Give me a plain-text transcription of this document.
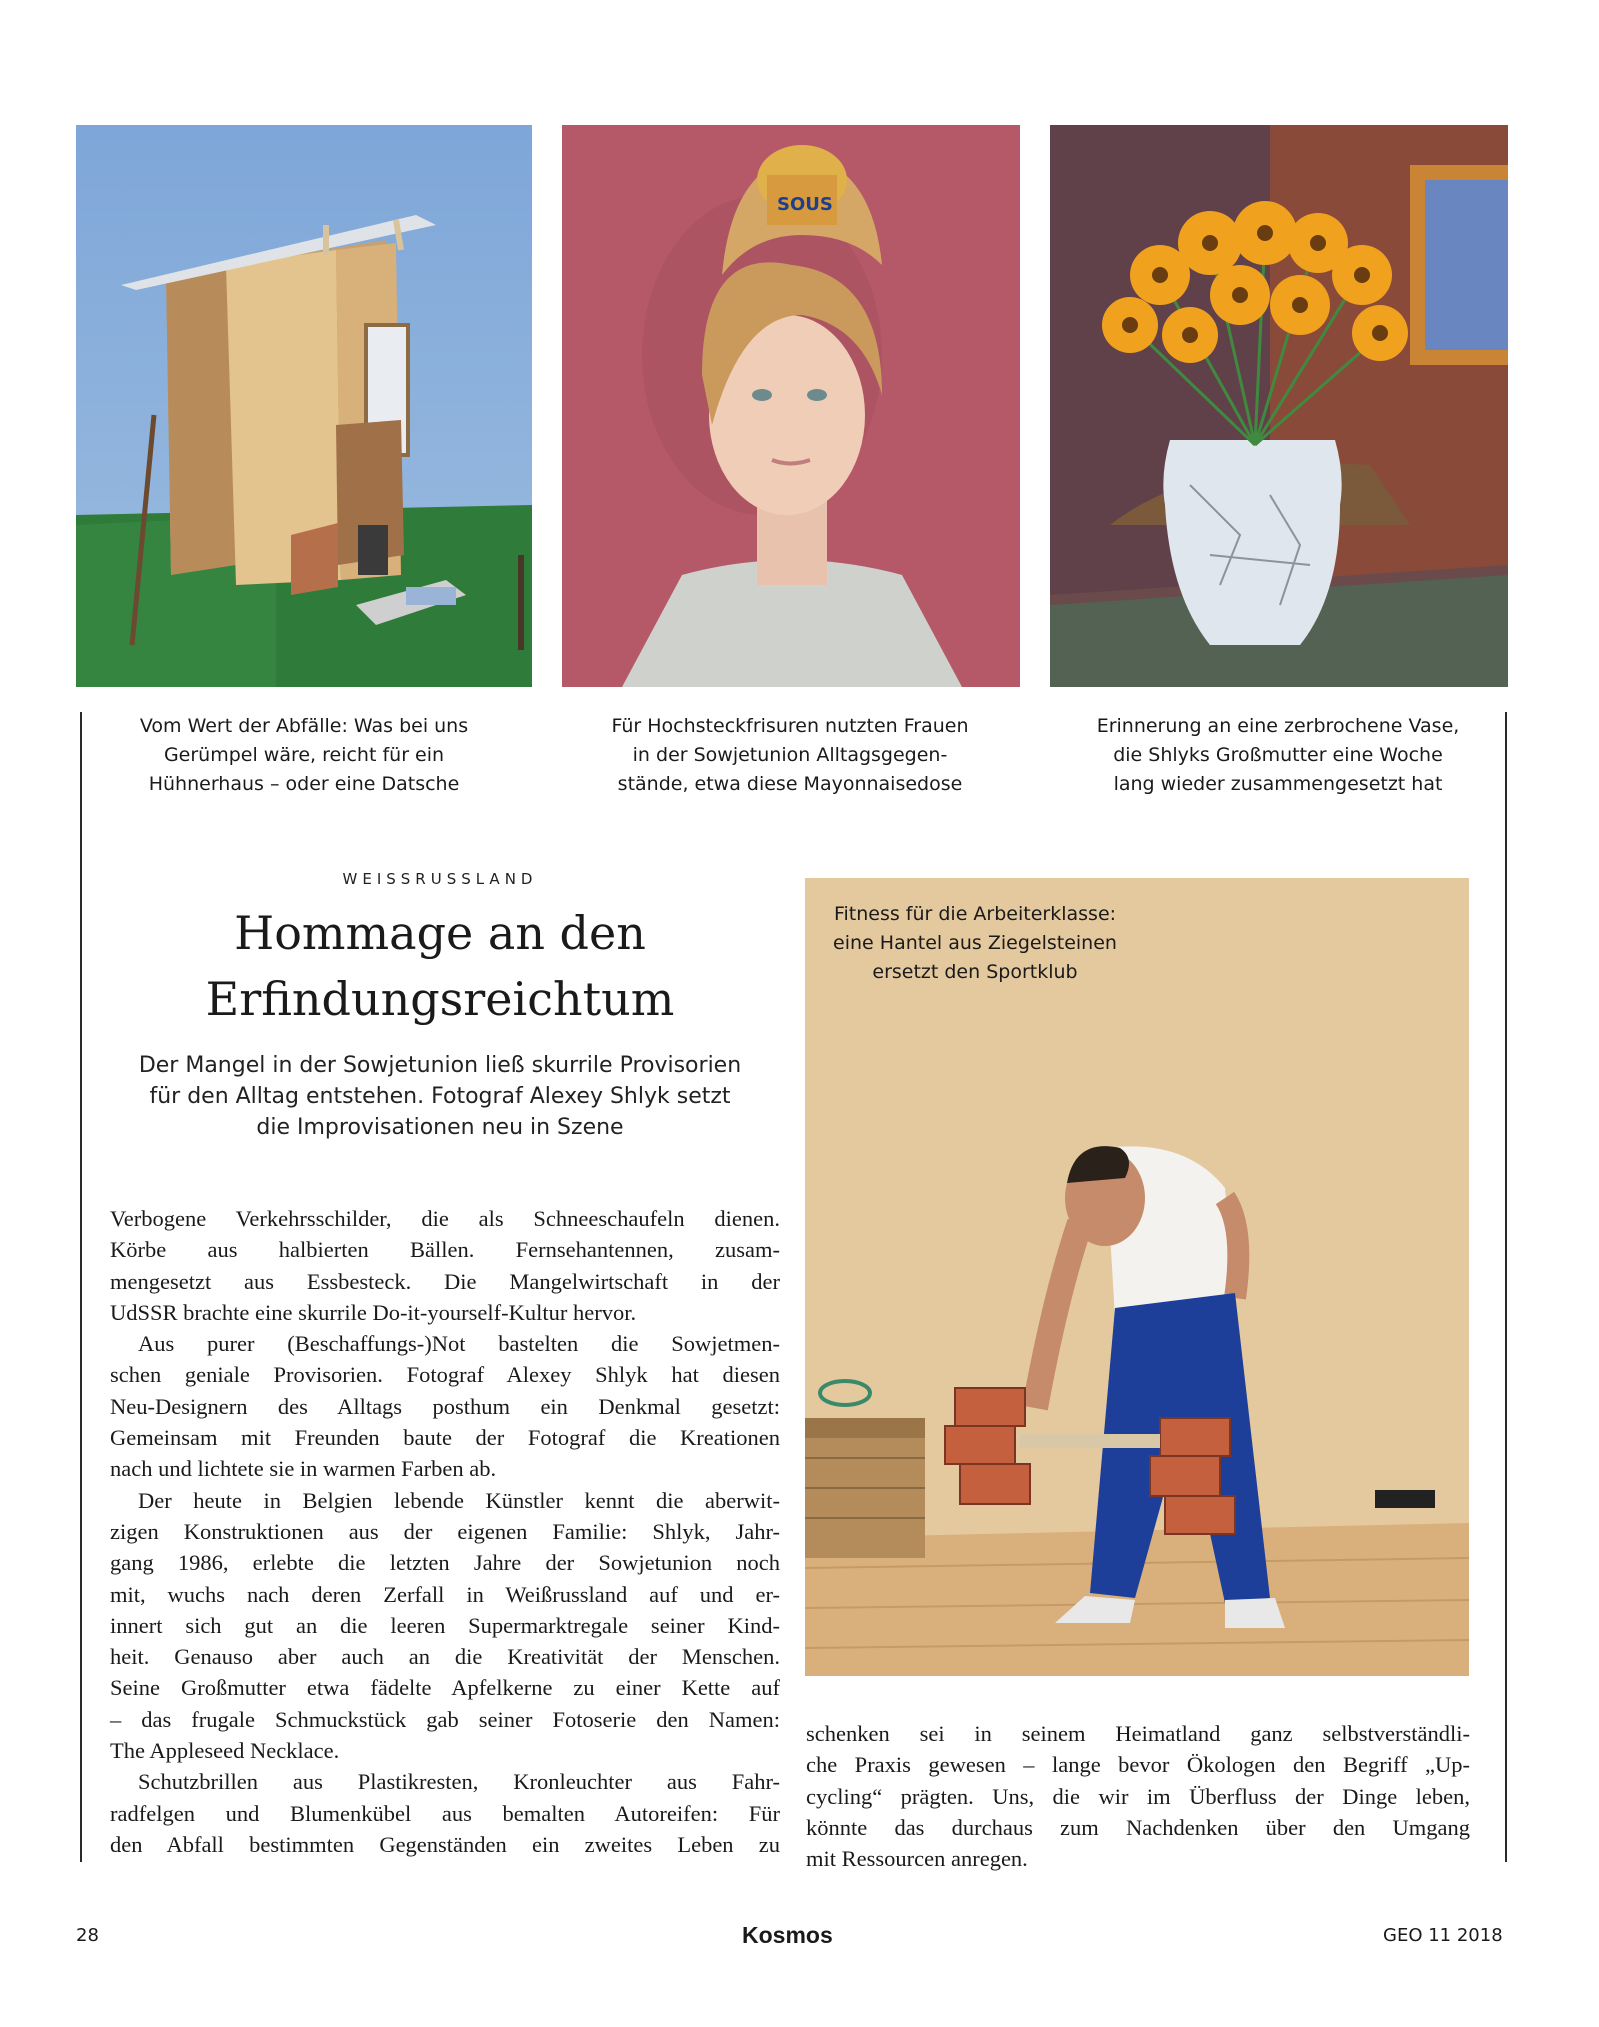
SOUS
Vom Wert der Abfälle: Was bei uns
Gerümpel wäre, reicht für ein
Hühnerhaus – oder eine Datsche
Für Hochsteckfrisuren nutzten Frauen
in der Sowjetunion Alltagsgegen-
stände, etwa diese Mayonnaisedose
Erinnerung an eine zerbrochene Vase,
die Shlyks Großmutter eine Woche
lang wieder zusammengesetzt hat
WEISSRUSSLAND
Hommage an den
Erfindungsreichtum
Der Mangel in der Sowjetunion ließ skurrile Provisorien
für den Alltag entstehen. Fotograf Alexey Shlyk setzt
die Improvisationen neu in Szene
Verbogene Verkehrsschilder, die als Schneeschaufeln dienen.
Körbe aus halbierten Bällen. Fernsehantennen, zusam-
mengesetzt aus Essbesteck. Die Mangelwirtschaft in der
UdSSR brachte eine skurrile Do-it-yourself-Kultur hervor.
Aus purer (Beschaffungs-)Not bastelten die Sowjetmen-
schen geniale Provisorien. Fotograf Alexey Shlyk hat diesen
Neu-Designern des Alltags posthum ein Denkmal gesetzt:
Gemeinsam mit Freunden baute der Fotograf die Kreationen
nach und lichtete sie in warmen Farben ab.
Der heute in Belgien lebende Künstler kennt die aberwit-
zigen Konstruktionen aus der eigenen Familie: Shlyk, Jahr-
gang 1986, erlebte die letzten Jahre der Sowjetunion noch
mit, wuchs nach deren Zerfall in Weißrussland auf und er-
innert sich gut an die leeren Supermarktregale seiner Kind-
heit. Genauso aber auch an die Kreativität der Menschen.
Seine Großmutter etwa fädelte Apfelkerne zu einer Kette auf
– das frugale Schmuckstück gab seiner Fotoserie den Namen:
The Appleseed Necklace.
Schutzbrillen aus Plastikresten, Kronleuchter aus Fahr-
radfelgen und Blumenkübel aus bemalten Autoreifen: Für
den Abfall bestimmten Gegenständen ein zweites Leben zu
Fitness für die Arbeiterklasse:
eine Hantel aus Ziegelsteinen
ersetzt den Sportklub
schenken sei in seinem Heimatland ganz selbstverständli-
che Praxis gewesen – lange bevor Ökologen den Begriff „Up-
cycling“ prägten. Uns, die wir im Überfluss der Dinge leben,
könnte das durchaus zum Nachdenken über den Umgang
mit Ressourcen anregen.
28	Kosmos	GEO 11 2018
